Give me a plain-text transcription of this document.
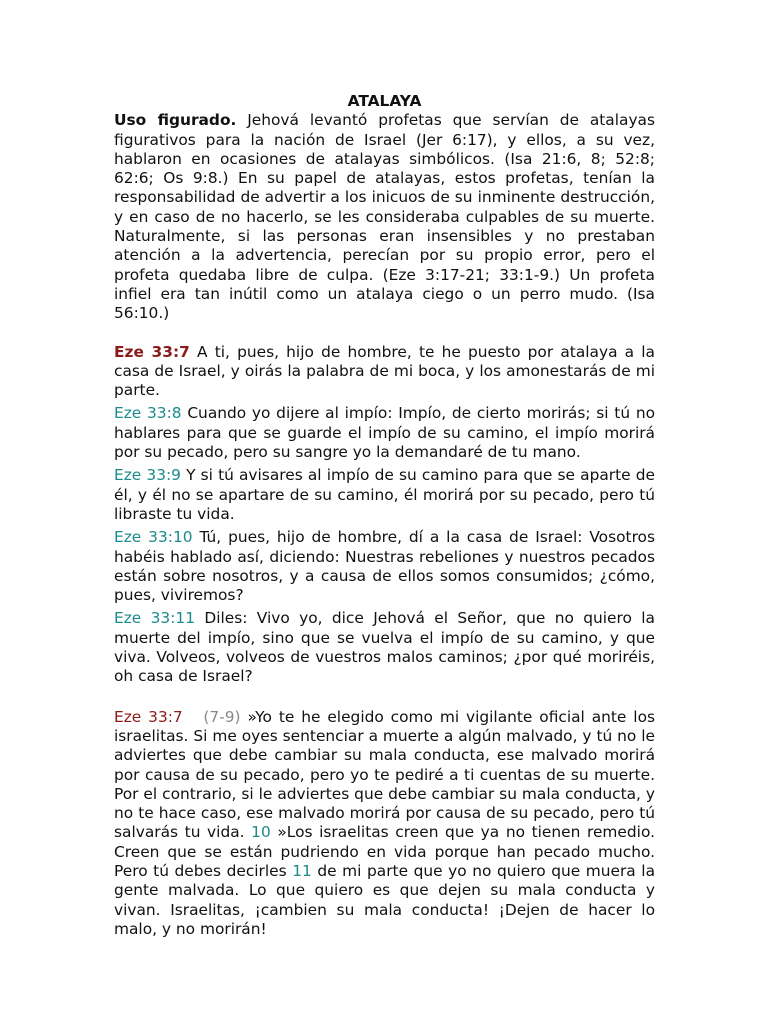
ATALAYA

Uso figurado. Jehová levantó profetas que servían de atalayas figurativos para la nación de Israel (Jer 6:17), y ellos, a su vez, hablaron en ocasiones de atalayas simbólicos. (Isa 21:6, 8; 52:8; 62:6; Os 9:8.) En su papel de atalayas, estos profetas, tenían la responsabilidad de advertir a los inicuos de su inminente destrucción, y en caso de no hacerlo, se les consideraba culpables de su muerte. Naturalmente, si las personas eran insensibles y no prestaban atención a la advertencia, perecían por su propio error, pero el profeta quedaba libre de culpa. (Eze 3:17-21; 33:1-9.) Un profeta infiel era tan inútil como un atalaya ciego o un perro mudo. (Isa 56:10.)

Eze 33:7 A ti, pues, hijo de hombre, te he puesto por atalaya a la casa de Israel, y oirás la palabra de mi boca, y los amonestarás de mi parte.

Eze 33:8 Cuando yo dijere al impío: Impío, de cierto morirás; si tú no hablares para que se guarde el impío de su camino, el impío morirá por su pecado, pero su sangre yo la demandaré de tu mano.

Eze 33:9 Y si tú avisares al impío de su camino para que se aparte de él, y él no se apartare de su camino, él morirá por su pecado, pero tú libraste tu vida.

Eze 33:10 Tú, pues, hijo de hombre, dí a la casa de Israel: Vosotros habéis hablado así, diciendo: Nuestras rebeliones y nuestros pecados están sobre nosotros, y a causa de ellos somos consumidos; ¿cómo, pues, viviremos?

Eze 33:11 Diles: Vivo yo, dice Jehová el Señor, que no quiero la muerte del impío, sino que se vuelva el impío de su camino, y que viva. Volveos, volveos de vuestros malos caminos; ¿por qué moriréis, oh casa de Israel?

Eze 33:7 (7-9) »Yo te he elegido como mi vigilante oficial ante los israelitas. Si me oyes sentenciar a muerte a algún malvado, y tú no le adviertes que debe cambiar su mala conducta, ese malvado morirá por causa de su pecado, pero yo te pediré a ti cuentas de su muerte. Por el contrario, si le adviertes que debe cambiar su mala conducta, y no te hace caso, ese malvado morirá por causa de su pecado, pero tú salvarás tu vida. 10 »Los israelitas creen que ya no tienen remedio. Creen que se están pudriendo en vida porque han pecado mucho. Pero tú debes decirles 11 de mi parte que yo no quiero que muera la gente malvada. Lo que quiero es que dejen su mala conducta y vivan. Israelitas, ¡cambien su mala conducta! ¡Dejen de hacer lo malo, y no morirán!
